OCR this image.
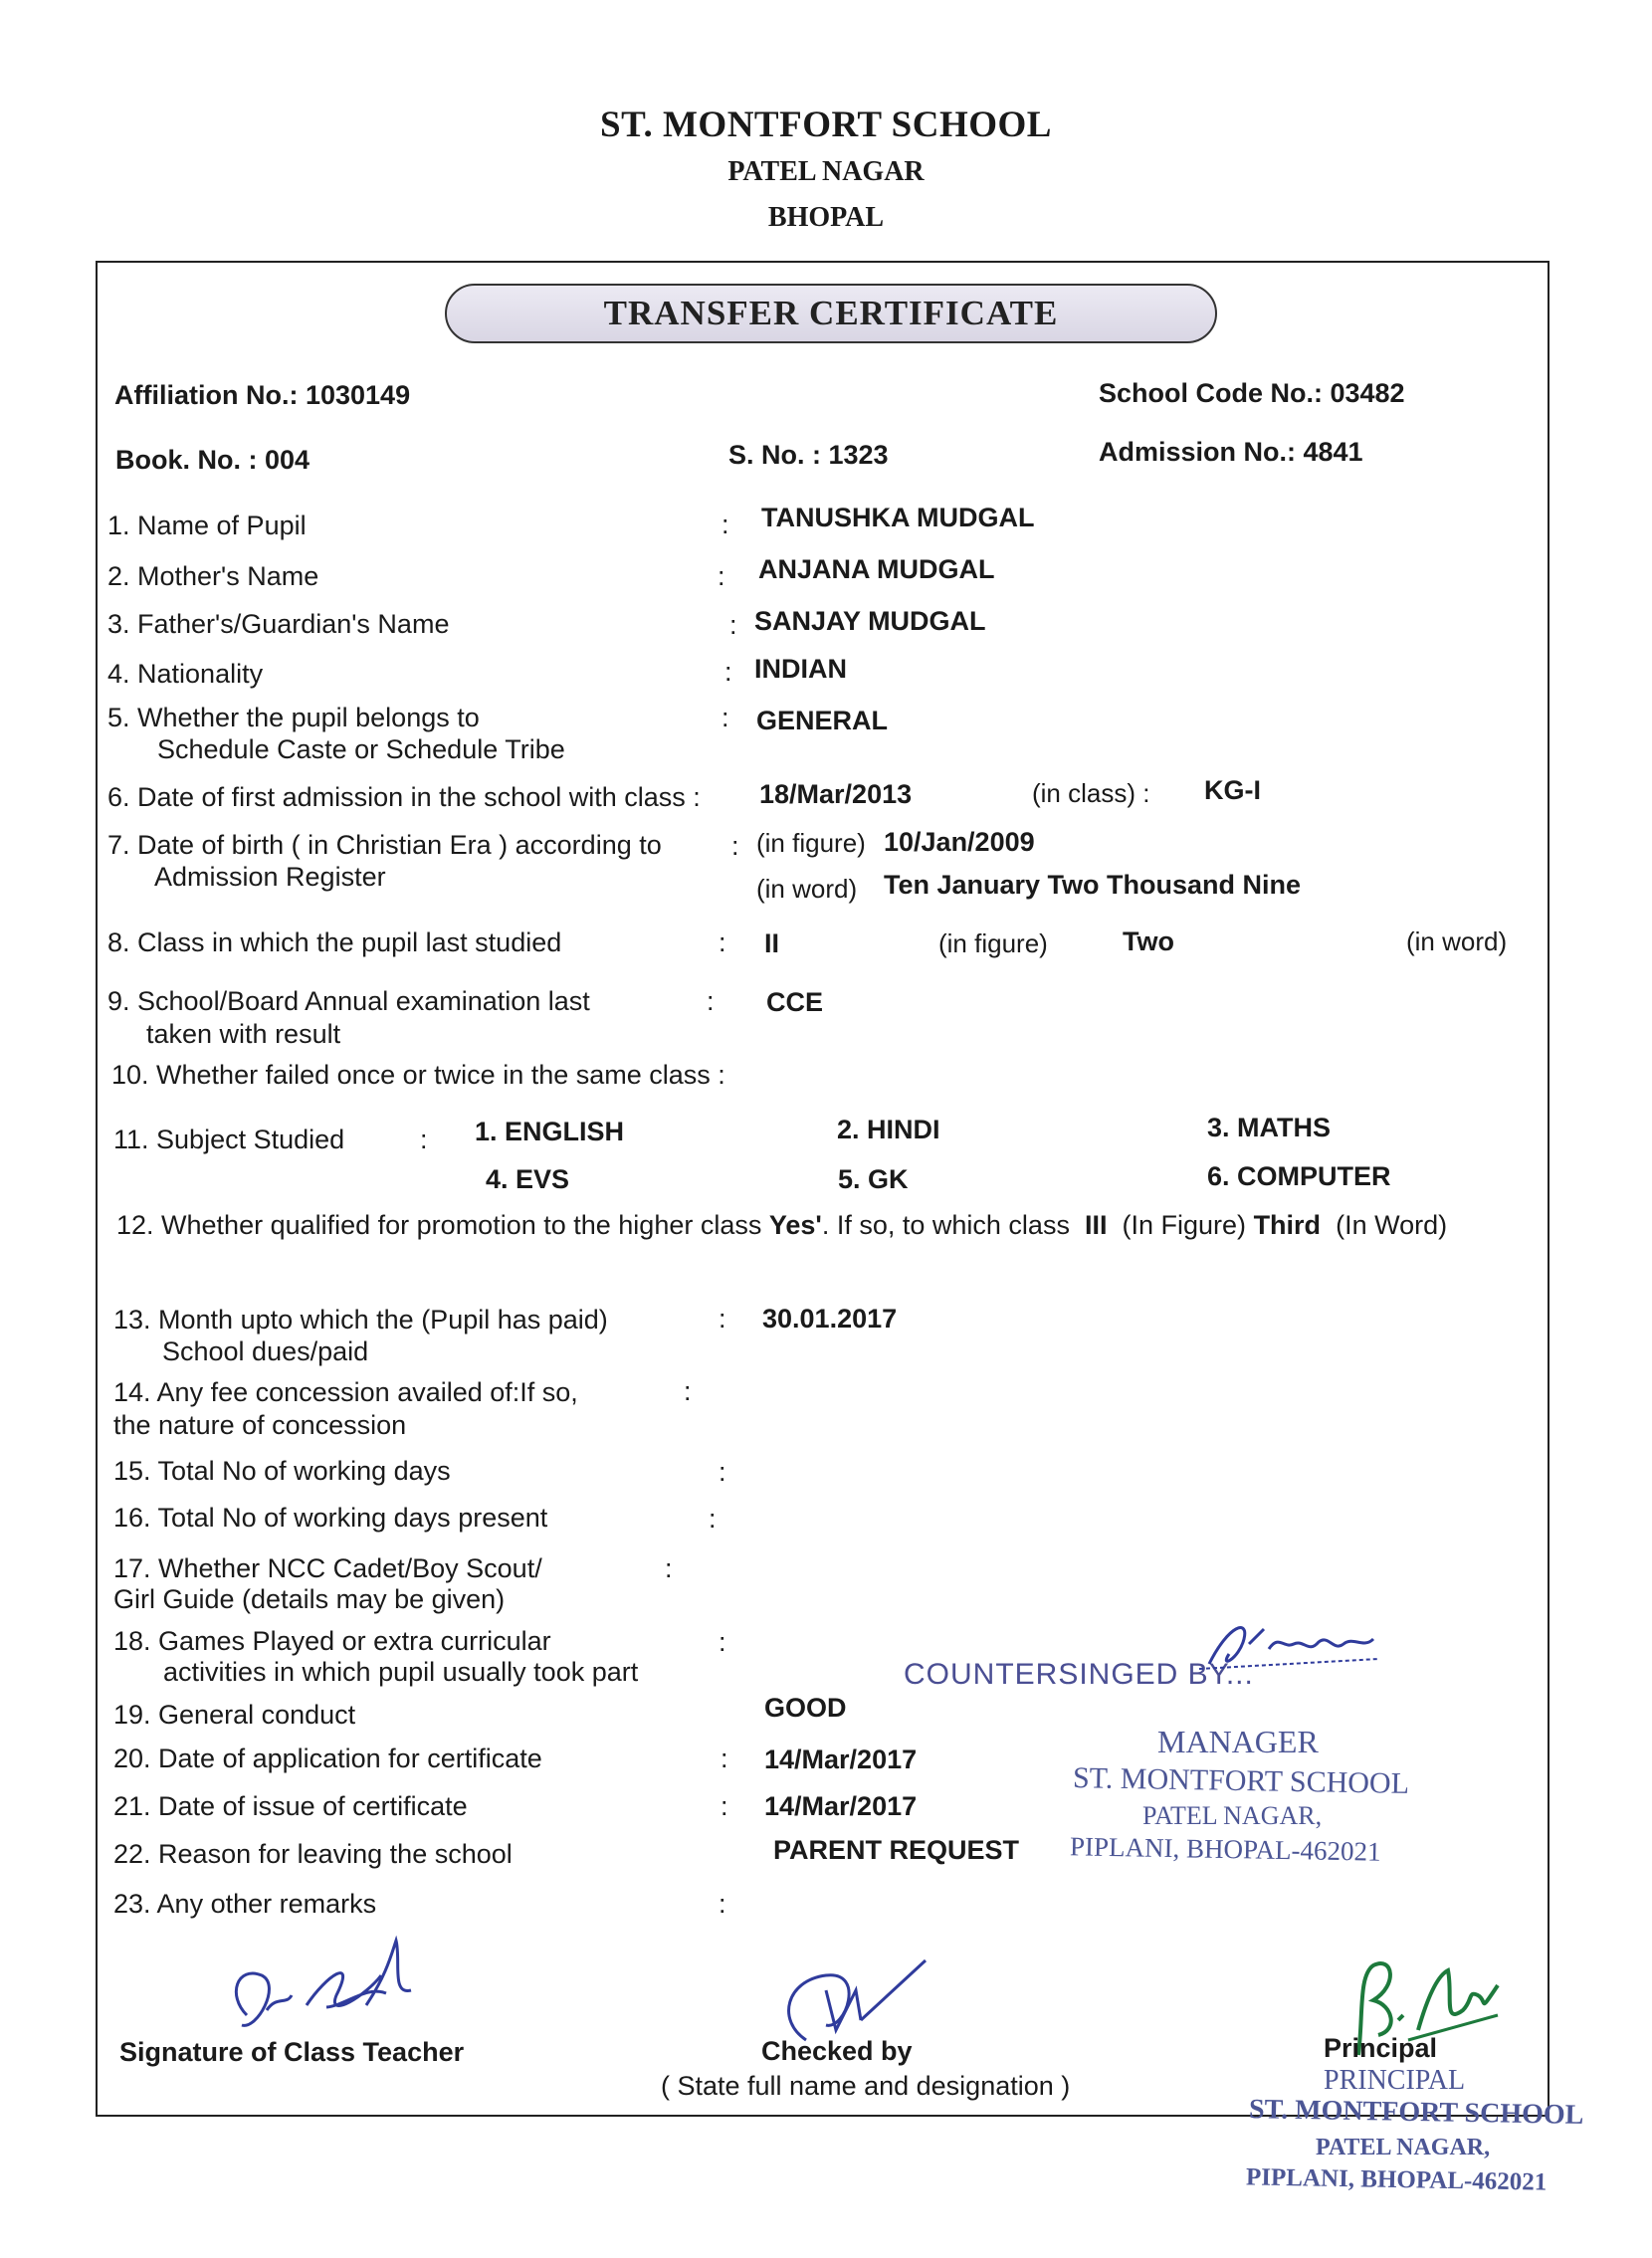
ST. MONTFORT SCHOOL
PATEL NAGAR
BHOPAL
TRANSFER CERTIFICATE
Affiliation No.: 1030149	School Code No.: 03482
Book. No. : 004	S. No. : 1323	Admission No.: 4841
1. Name of Pupil	: TANUSHKA MUDGAL
2. Mother's Name	: ANJANA MUDGAL
3. Father's/Guardian's Name	: SANJAY MUDGAL
4. Nationality	: INDIAN
5. Whether the pupil belongs to
Schedule Caste or Schedule Tribe
: GENERAL
6. Date of first admission in the school with class : 18/Mar/2013	(in class) : KG-I
7. Date of birth ( in Christian Era ) according to
Admission Register
: (in figure) 10/Jan/2009
(in word) Ten January Two Thousand Nine
8. Class in which the pupil last studied	: II	(in figure)	Two	(in word)
9. School/Board Annual examination last
taken with result
: CCE
10. Whether failed once or twice in the same class :
11. Subject Studied	: 1. ENGLISH	2. HINDI	3. MATHS
4. EVS	5. GK	6. COMPUTER
12. Whether qualified for promotion to the higher class Yes'. If so, to which class III (In Figure) Third (In Word)
13. Month upto which the (Pupil has paid)
School dues/paid
: 30.01.2017
14. Any fee concession availed of:If so,
the nature of concession
:
15. Total No of working days	:
16. Total No of working days present	:
17. Whether NCC Cadet/Boy Scout/
Girl Guide (details may be given)
:
18. Games Played or extra curricular
activities in which pupil usually took part
:
19. General conduct	GOOD
20. Date of application for certificate	: 14/Mar/2017
21. Date of issue of certificate	: 14/Mar/2017
22. Reason for leaving the school	PARENT REQUEST
23. Any other remarks	:
COUNTERSINGED BY...
MANAGER
ST. MONTFORT SCHOOL
PATEL NAGAR,
PIPLANI, BHOPAL-462021
Signature of Class Teacher	Checked by
( State full name and designation )
Principal
PRINCIPAL
ST. MONTFORT SCHOOL
PATEL NAGAR,
PIPLANI, BHOPAL-462021
